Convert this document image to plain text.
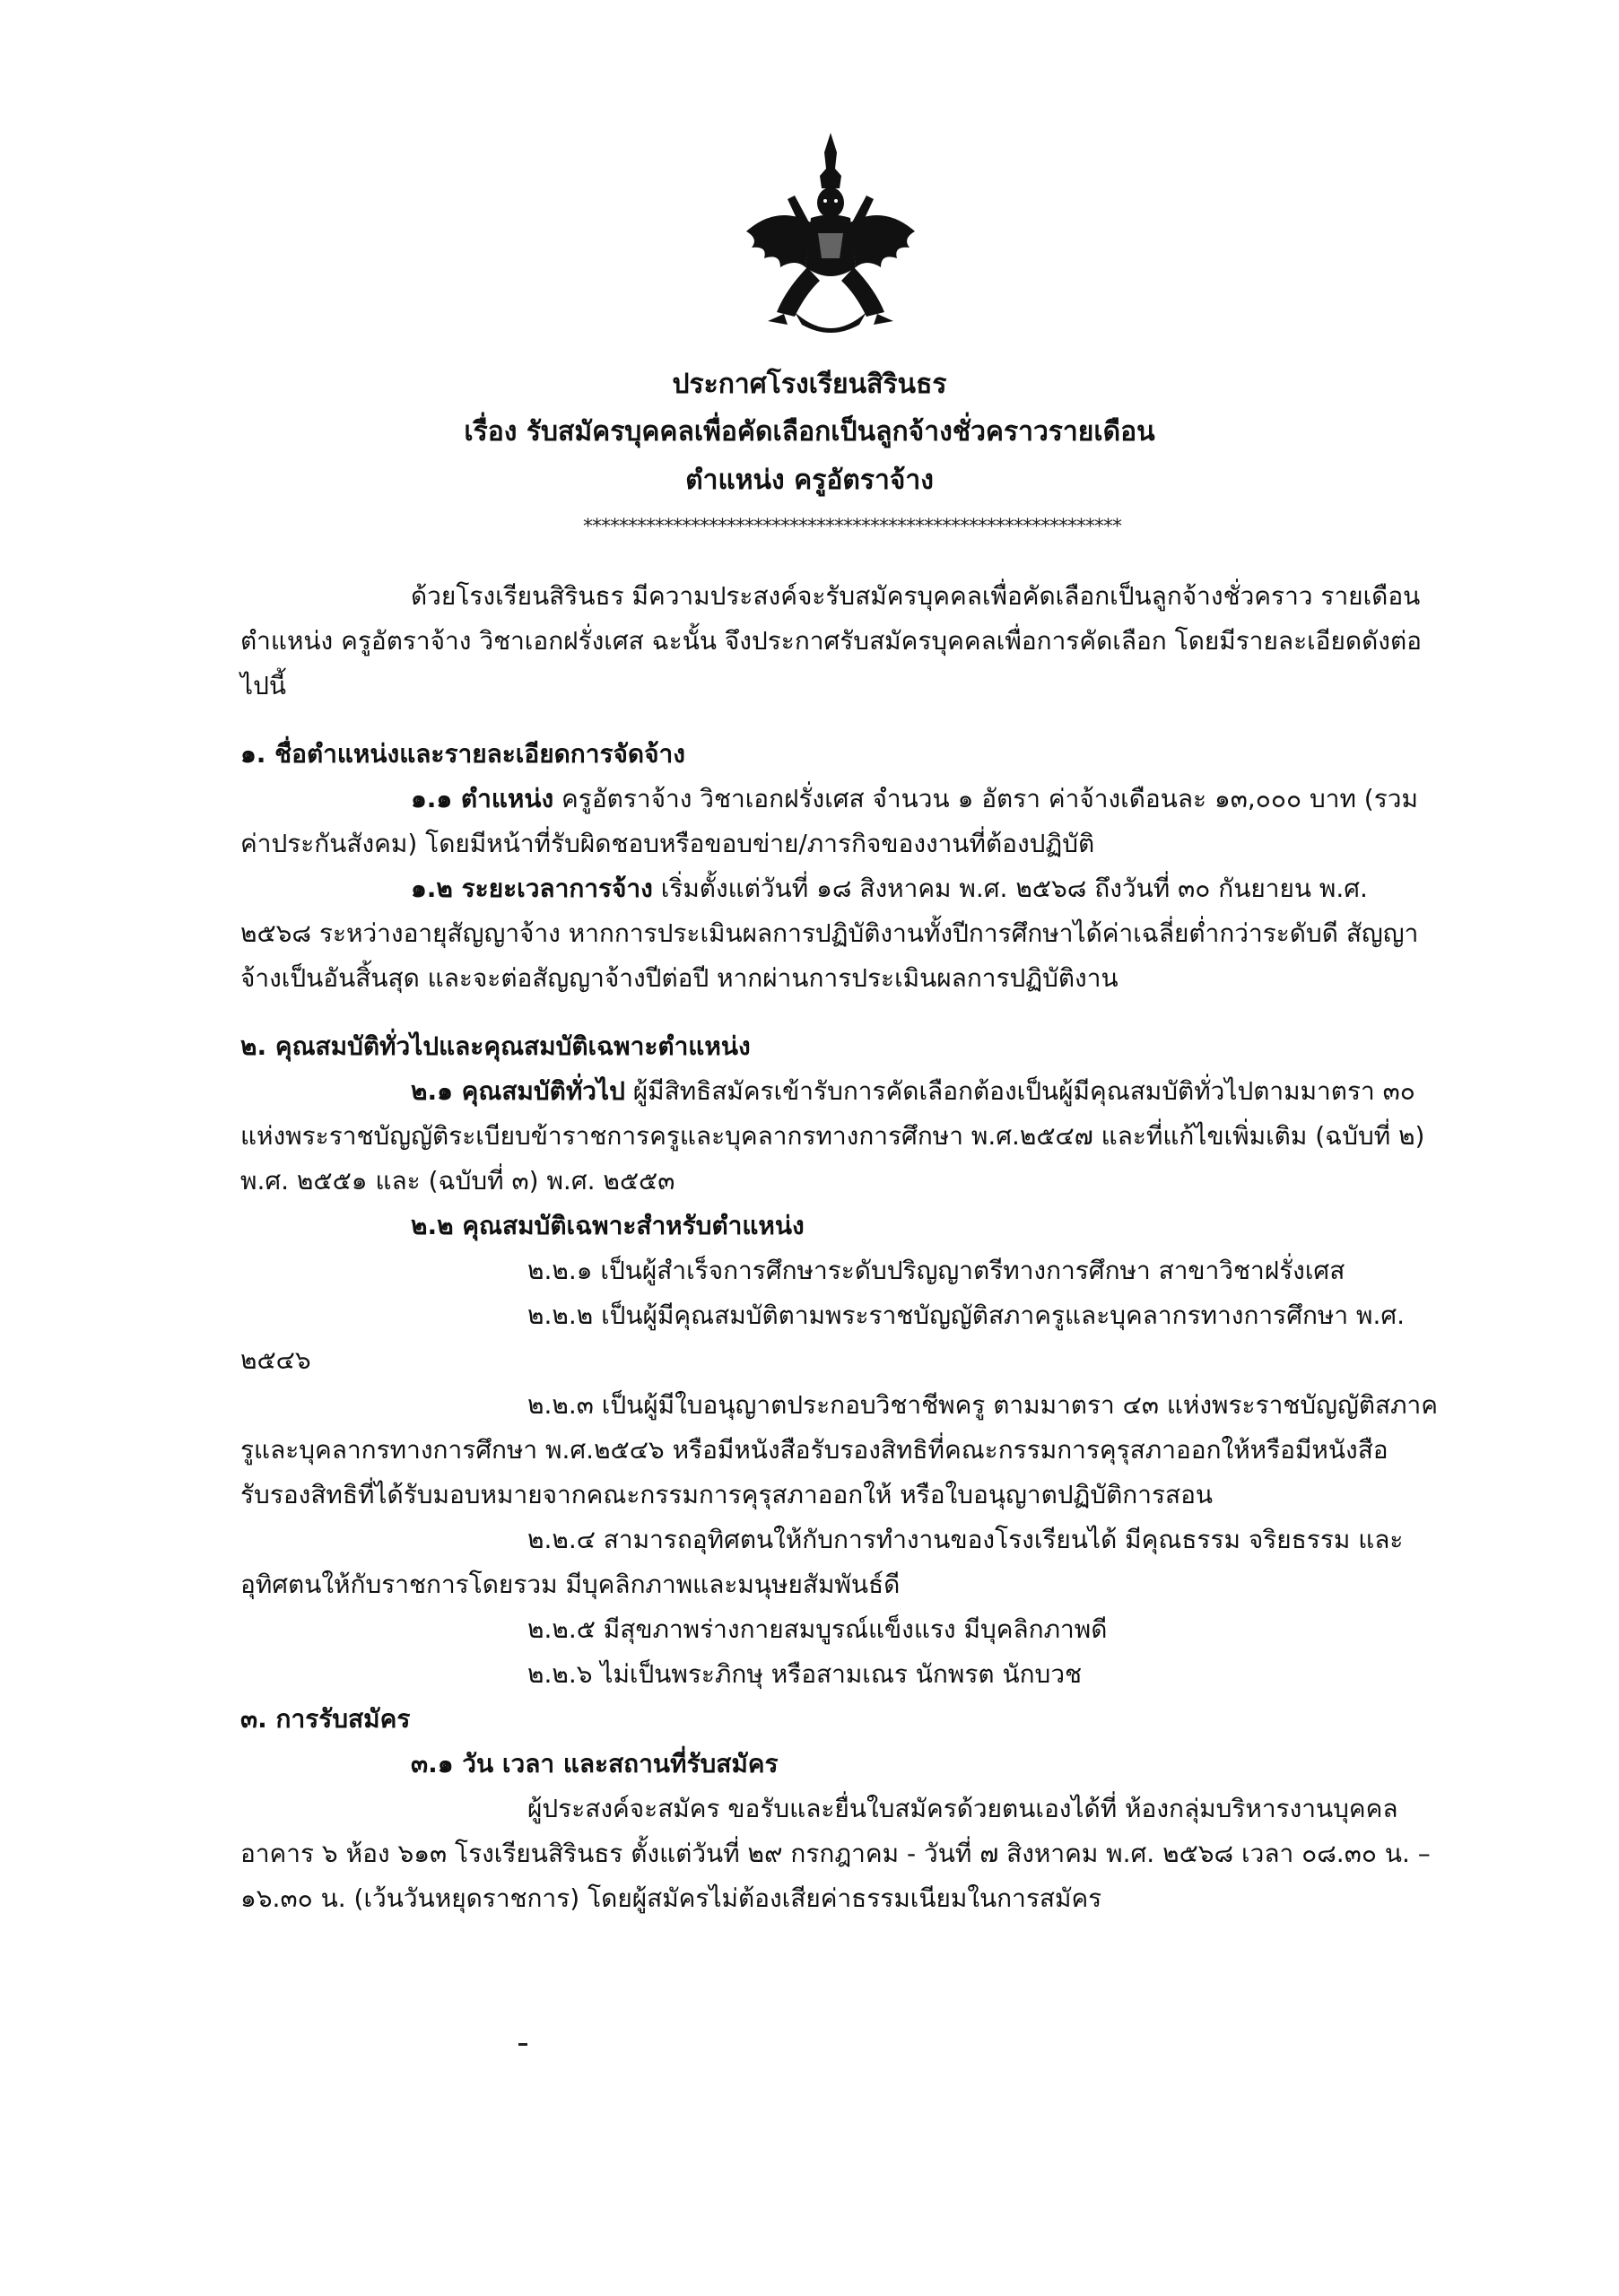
ประกาศโรงเรียนสิรินธร
เรื่อง รับสมัครบุคคลเพื่อคัดเลือกเป็นลูกจ้างชั่วคราวรายเดือน
ตำแหน่ง ครูอัตราจ้าง
************************************************************

ด้วยโรงเรียนสิรินธร มีความประสงค์จะรับสมัครบุคคลเพื่อคัดเลือกเป็นลูกจ้างชั่วคราว รายเดือน ตำแหน่ง ครูอัตราจ้าง วิชาเอกฝรั่งเศส ฉะนั้น จึงประกาศรับสมัครบุคคลเพื่อการคัดเลือก โดยมีรายละเอียดดังต่อไปนี้

๑. ชื่อตำแหน่งและรายละเอียดการจัดจ้าง

๑.๑ ตำแหน่ง ครูอัตราจ้าง วิชาเอกฝรั่งเศส จำนวน ๑ อัตรา ค่าจ้างเดือนละ ๑๓,๐๐๐ บาท (รวมค่าประกันสังคม) โดยมีหน้าที่รับผิดชอบหรือขอบข่าย/ภารกิจของงานที่ต้องปฏิบัติ

๑.๒ ระยะเวลาการจ้าง เริ่มตั้งแต่วันที่ ๑๘ สิงหาคม พ.ศ. ๒๕๖๘ ถึงวันที่ ๓๐ กันยายน พ.ศ. ๒๕๖๘ ระหว่างอายุสัญญาจ้าง หากการประเมินผลการปฏิบัติงานทั้งปีการศึกษาได้ค่าเฉลี่ยต่ำกว่าระดับดี สัญญาจ้างเป็นอันสิ้นสุด และจะต่อสัญญาจ้างปีต่อปี หากผ่านการประเมินผลการปฏิบัติงาน

๒. คุณสมบัติทั่วไปและคุณสมบัติเฉพาะตำแหน่ง

๒.๑ คุณสมบัติทั่วไป ผู้มีสิทธิสมัครเข้ารับการคัดเลือกต้องเป็นผู้มีคุณสมบัติทั่วไปตามมาตรา ๓๐ แห่งพระราชบัญญัติระเบียบข้าราชการครูและบุคลากรทางการศึกษา พ.ศ.๒๕๔๗ และที่แก้ไขเพิ่มเติม (ฉบับที่ ๒) พ.ศ. ๒๕๕๑ และ (ฉบับที่ ๓) พ.ศ. ๒๕๕๓

๒.๒ คุณสมบัติเฉพาะสำหรับตำแหน่ง

๒.๒.๑ เป็นผู้สำเร็จการศึกษาระดับปริญญาตรีทางการศึกษา สาขาวิชาฝรั่งเศส

๒.๒.๒ เป็นผู้มีคุณสมบัติตามพระราชบัญญัติสภาครูและบุคลากรทางการศึกษา พ.ศ. ๒๕๔๖

๒.๒.๓ เป็นผู้มีใบอนุญาตประกอบวิชาชีพครู ตามมาตรา ๔๓ แห่งพระราชบัญญัติสภาครูและบุคลากรทางการศึกษา พ.ศ.๒๕๔๖ หรือมีหนังสือรับรองสิทธิที่คณะกรรมการคุรุสภาออกให้หรือมีหนังสือรับรองสิทธิที่ได้รับมอบหมายจากคณะกรรมการคุรุสภาออกให้ หรือใบอนุญาตปฏิบัติการสอน

๒.๒.๔ สามารถอุทิศตนให้กับการทำงานของโรงเรียนได้ มีคุณธรรม จริยธรรม และอุทิศตนให้กับราชการโดยรวม มีบุคลิกภาพและมนุษยสัมพันธ์ดี

๒.๒.๕ มีสุขภาพร่างกายสมบูรณ์แข็งแรง มีบุคลิกภาพดี

๒.๒.๖ ไม่เป็นพระภิกษุ หรือสามเณร นักพรต นักบวช

๓. การรับสมัคร

๓.๑ วัน เวลา และสถานที่รับสมัคร

ผู้ประสงค์จะสมัคร ขอรับและยื่นใบสมัครด้วยตนเองได้ที่ ห้องกลุ่มบริหารงานบุคคล อาคาร ๖ ห้อง ๖๑๓ โรงเรียนสิรินธร ตั้งแต่วันที่ ๒๙ กรกฎาคม - วันที่ ๗ สิงหาคม พ.ศ. ๒๕๖๘ เวลา ๐๘.๓๐ น. – ๑๖.๓๐ น. (เว้นวันหยุดราชการ) โดยผู้สมัครไม่ต้องเสียค่าธรรมเนียมในการสมัคร
